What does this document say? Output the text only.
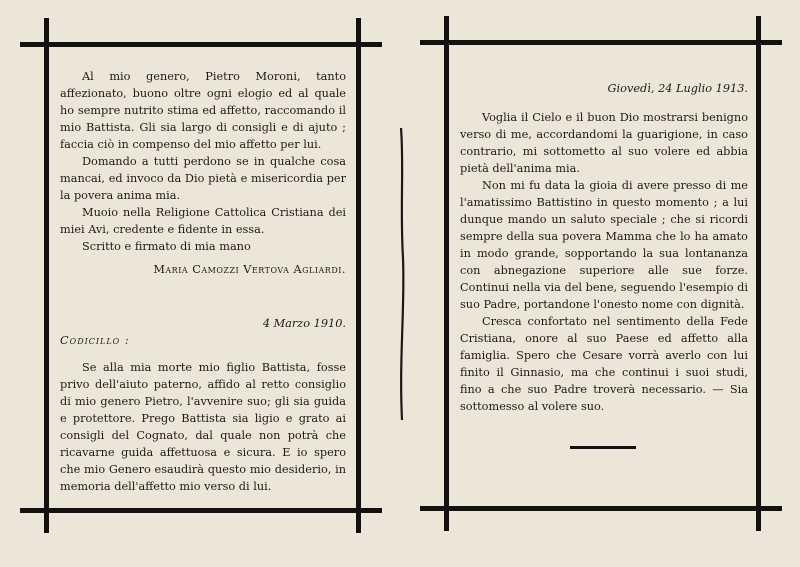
Al mio genero, Pietro Moroni, tanto affezionato, buono oltre ogni elogio ed al quale ho sempre nutrito stima ed affetto, raccomando il mio Battista. Gli sia largo di consigli e di ajuto ; faccia ciò in compenso del mio affetto per lui.

Domando a tutti perdono se in qualche cosa mancai, ed invoco da Dio pietà e misericordia per la povera anima mia.

Muoio nella Religione Cattolica Cristiana dei miei Avi, credente e fidente in essa.

Scritto e firmato di mia mano

Maria Camozzi Vertova Agliardi.

4 Marzo 1910.

Codicillo :

Se alla mia morte mio figlio Battista, fosse privo dell'aiuto paterno, affido al retto consiglio di mio genero Pietro, l'avvenire suo; gli sia guida e protettore. Prego Battista sia ligio e grato ai consigli del Cognato, dal quale non potrà che ricavarne guida affettuosa e sicura. E io spero che mio Genero esaudirà questo mio desiderio, in memoria dell'affetto mio verso di lui.

Giovedì, 24 Luglio 1913.

Voglia il Cielo e il buon Dio mostrarsi benigno verso di me, accordandomi la guarigione, in caso contrario, mi sottometto al suo volere ed abbia pietà dell'anima mia.

Non mi fu data la gioia di avere presso di me l'amatissimo Battistino in questo momento ; a lui dunque mando un saluto speciale ; che si ricordi sempre della sua povera Mamma che lo ha amato in modo grande, sopportando la sua lontananza con abnegazione superiore alle sue forze. Continui nella via del bene, seguendo l'esempio di suo Padre, portandone l'onesto nome con dignità.

Cresca confortato nel sentimento della Fede Cristiana, onore al suo Paese ed affetto alla famiglia. Spero che Cesare vorrà averlo con lui finito il Ginnasio, ma che continui i suoi studi, fino a che suo Padre troverà necessario. — Sia sottomesso al volere suo.
